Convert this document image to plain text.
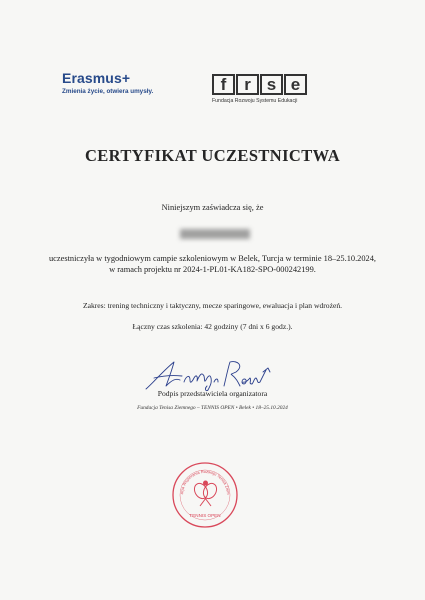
Erasmus+
Zmienia życie, otwiera umysły.	f	r s e
Fundacja Rozwoju Systemu Edukacji
CERTYFIKAT UCZESTNICTWA
Niniejszym zaświadcza się, że
uczestniczyła w tygodniowym campie szkoleniowym w Belek, Turcja w terminie 18–25.10.2024, w ramach projektu nr 2024-1-PL01-KA182-SPO-000242199.
Zakres: trening techniczny i taktyczny, mecze sparingowe, ewaluacja i plan wdrożeń.
Łączny czas szkolenia: 42 godziny (7 dni x 6 godz.).
Podpis przedstawiciela organizatora
Fundacja Tenisa Ziemnego – TENNIS OPEN • Belek • 18–25.10.2024
acja Wspierania Rozwoju Tenisa Ziem
TENNIS OPEN
